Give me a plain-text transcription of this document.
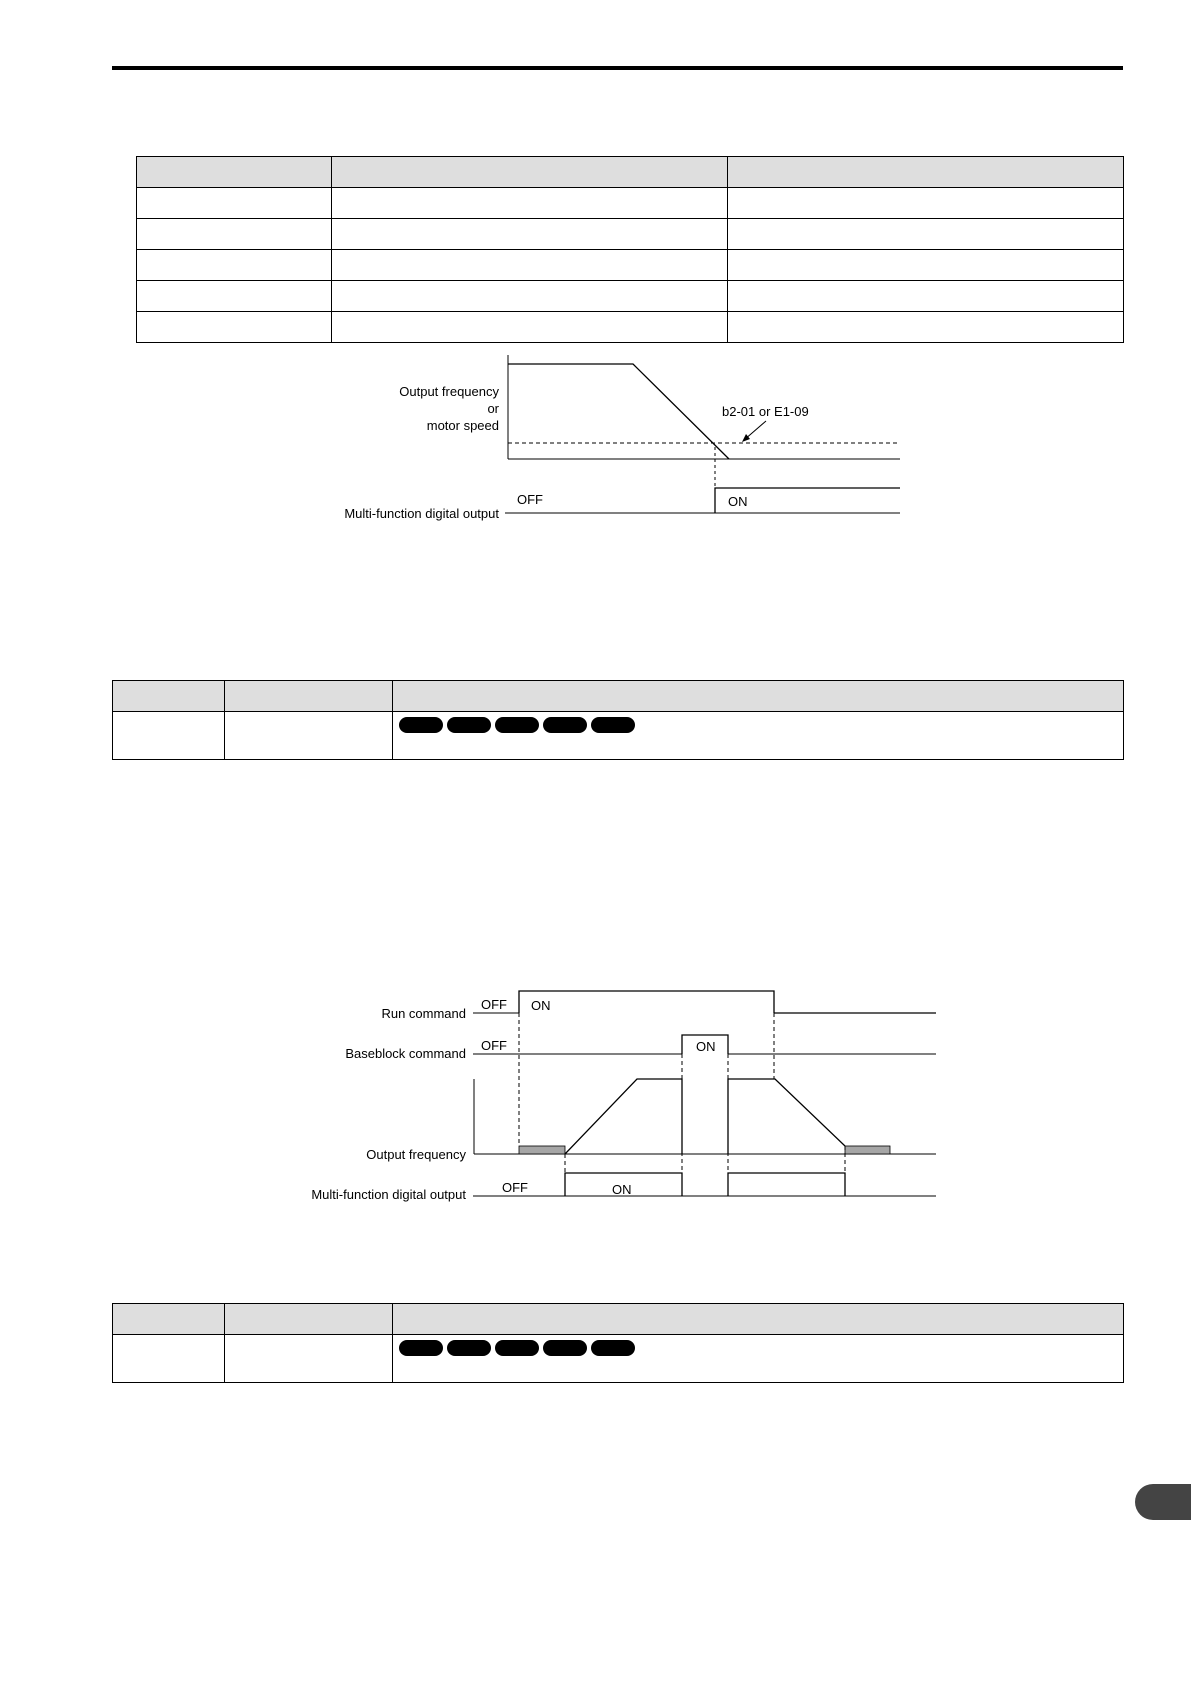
Output frequency
or
motor speed
b2-01 or E1-09
Multi-function digital output
OFF	ON
Run command
OFF ON
Baseblock command
OFF	ON
Output frequency
Multi-function digital output	OFF	ON
